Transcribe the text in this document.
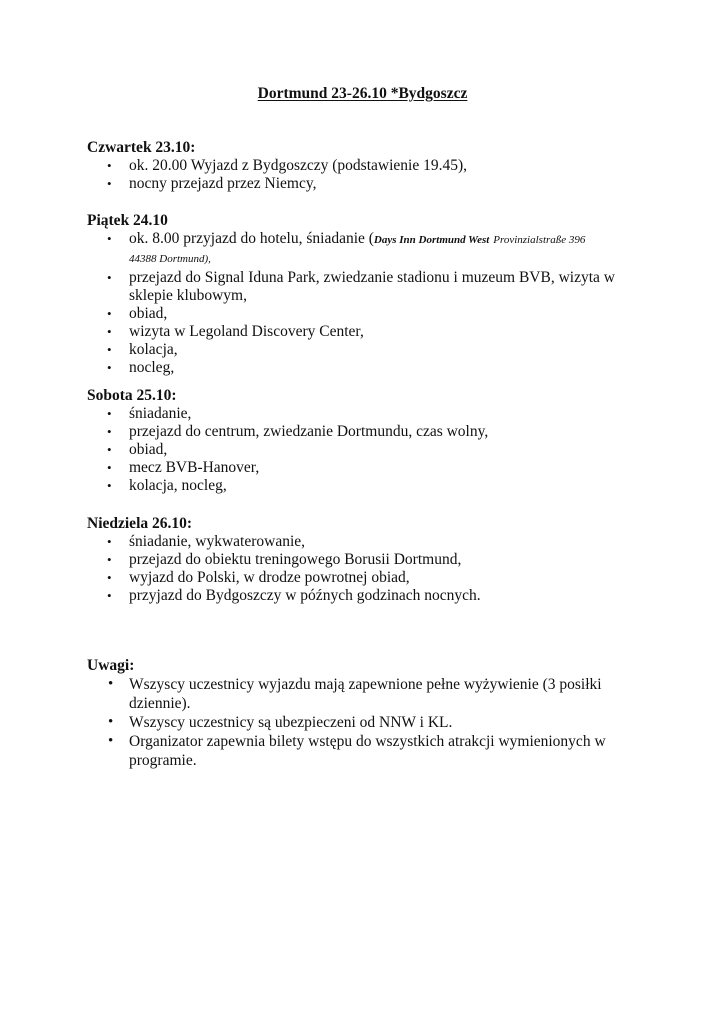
Dortmund 23-26.10 *Bydgoszcz

Czwartek 23.10:

• ok. 20.00 Wyjazd z Bydgoszczy (podstawienie 19.45),
• nocny przejazd przez Niemcy,

Piątek 24.10

• ok. 8.00 przyjazd do hotelu, śniadanie (Days Inn Dortmund West Provinzialstraße 396
44388 Dortmund),
• przejazd do Signal Iduna Park, zwiedzanie stadionu i muzeum BVB, wizyta w sklepie klubowym,
• obiad,
• wizyta w Legoland Discovery Center,
• kolacja,
• nocleg,

Sobota 25.10:

• śniadanie,
• przejazd do centrum, zwiedzanie Dortmundu, czas wolny,
• obiad,
• mecz BVB-Hanover,
• kolacja, nocleg,

Niedziela 26.10:

• śniadanie, wykwaterowanie,
• przejazd do obiektu treningowego Borusii Dortmund,
• wyjazd do Polski, w drodze powrotnej obiad,
• przyjazd do Bydgoszczy w późnych godzinach nocnych.

Uwagi:

• Wszyscy uczestnicy wyjazdu mają zapewnione pełne wyżywienie (3 posiłki dziennie).
• Wszyscy uczestnicy są ubezpieczeni od NNW i KL.
• Organizator zapewnia bilety wstępu do wszystkich atrakcji wymienionych w programie.
